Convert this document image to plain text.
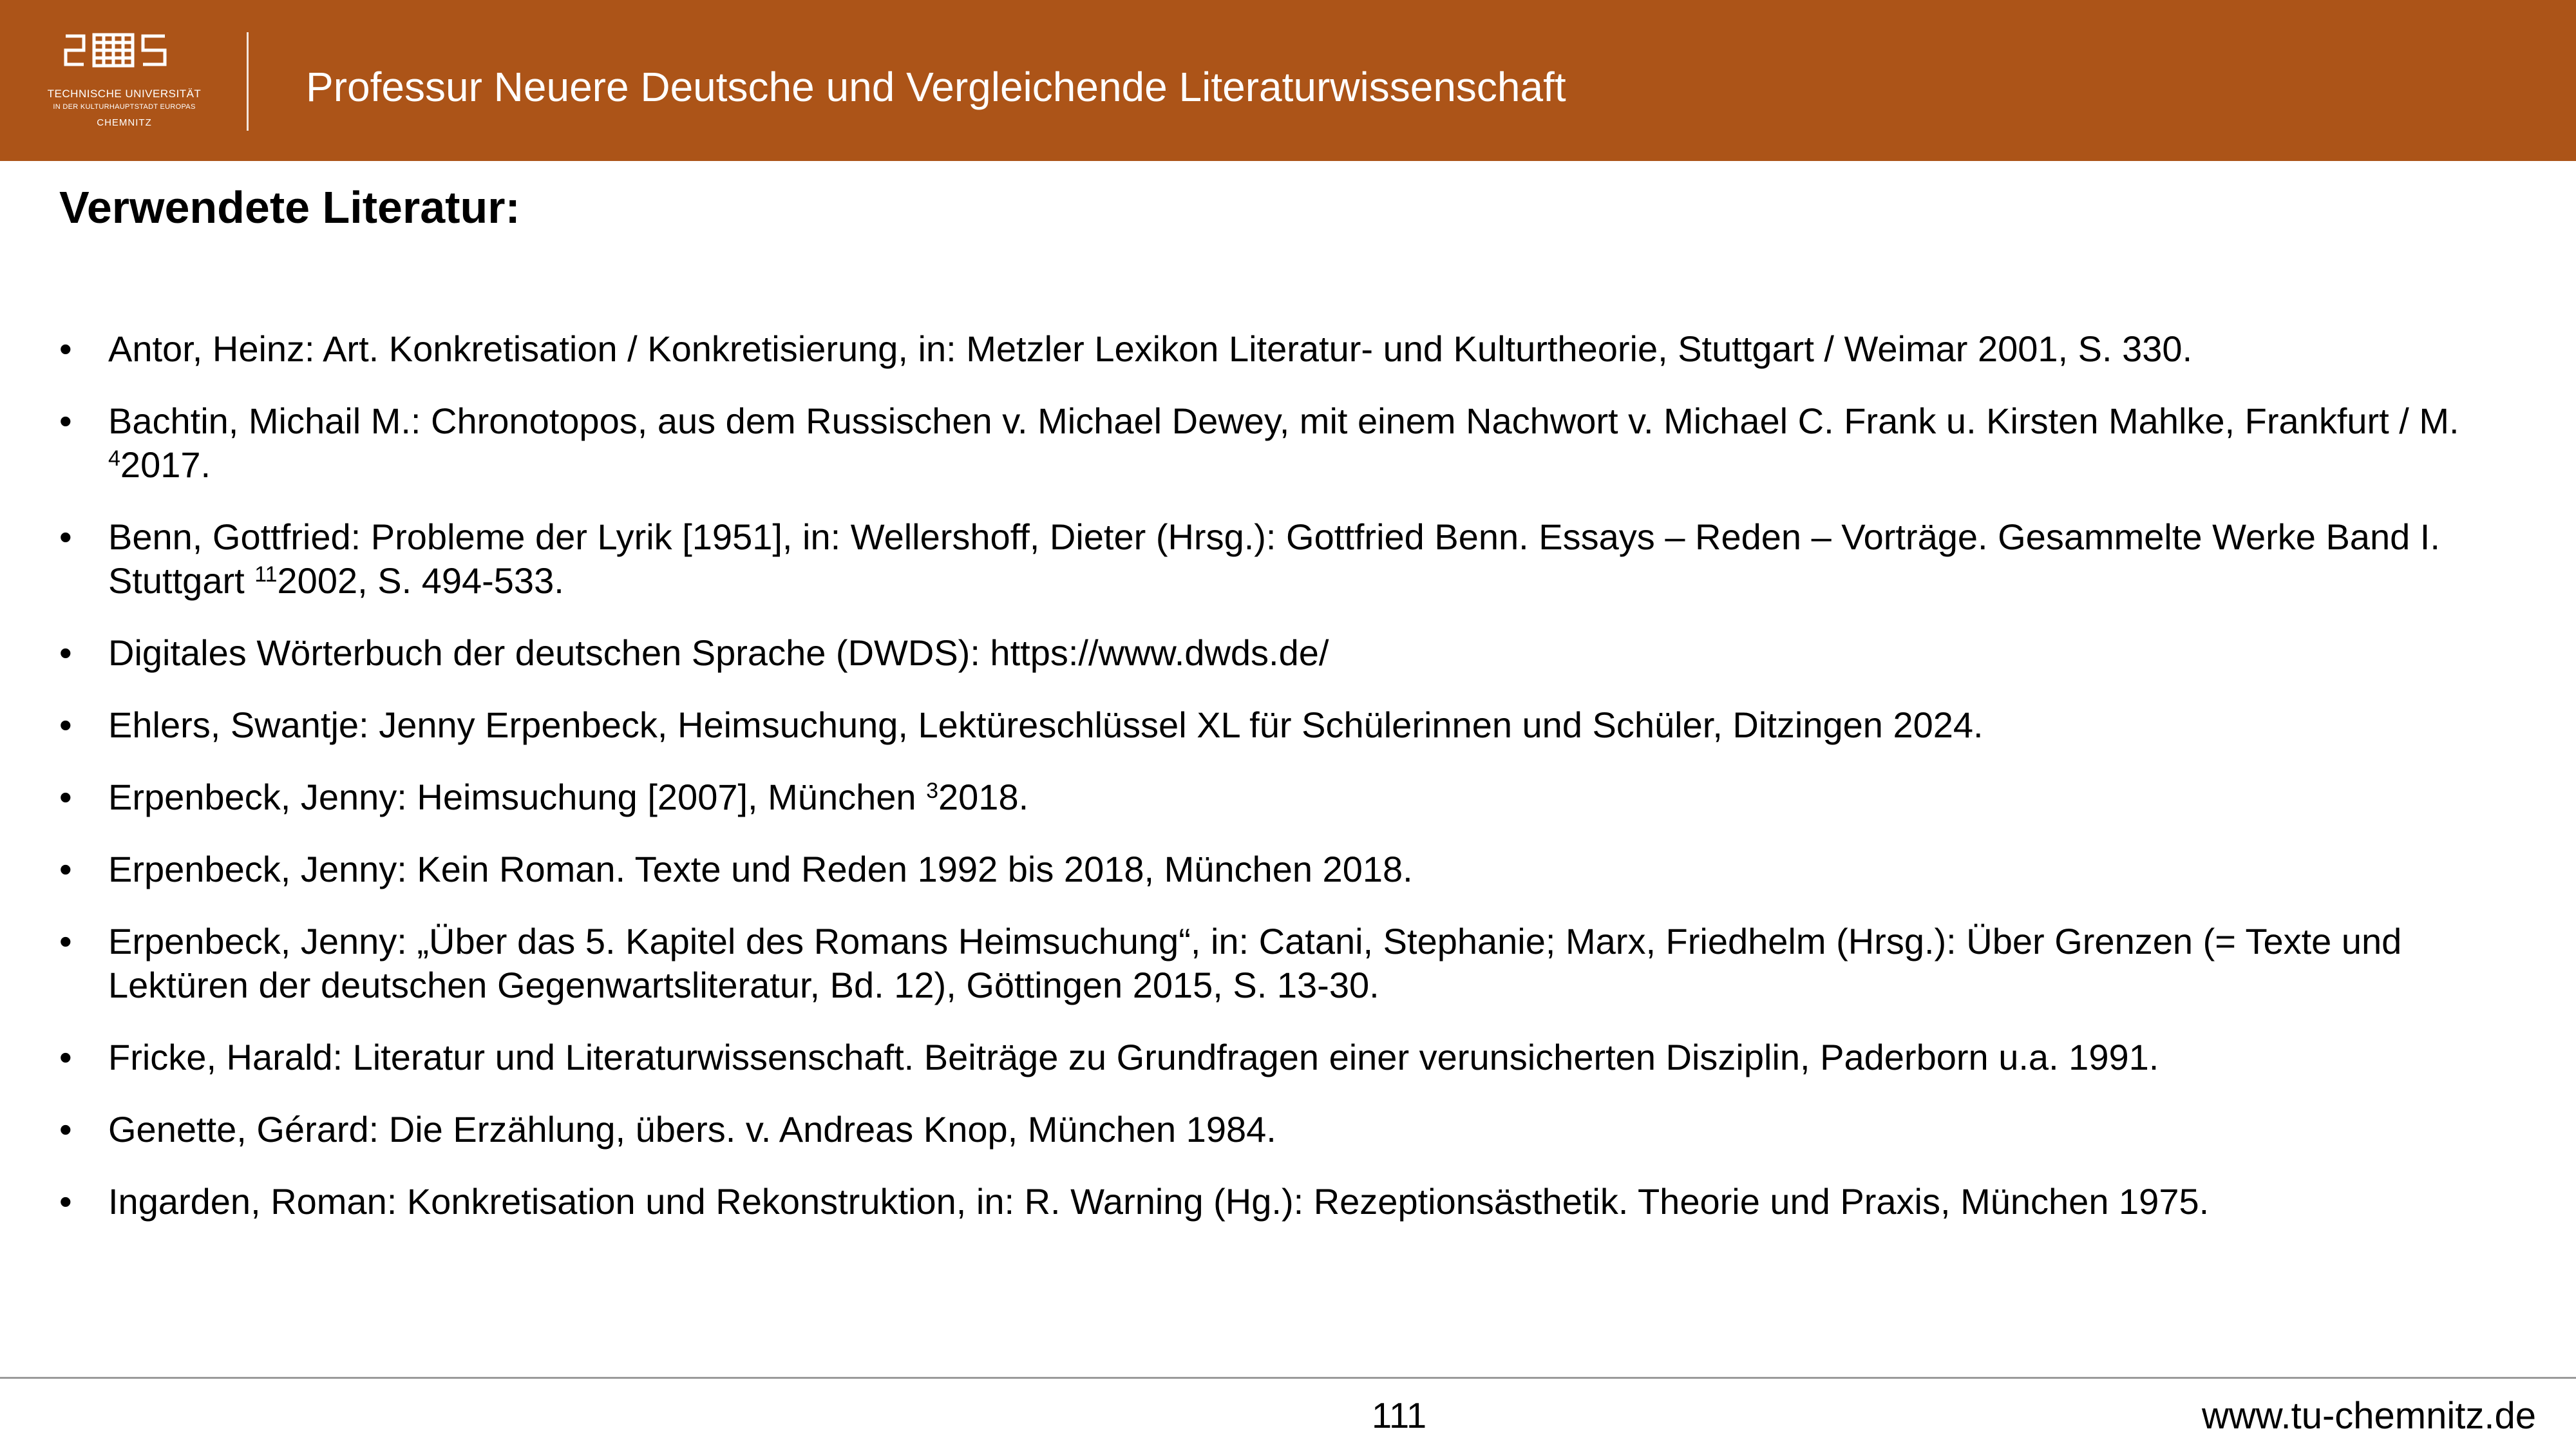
TECHNISCHE UNIVERSITÄT
IN DER KULTURHAUPTSTADT EUROPAS
CHEMNITZ
Professur Neuere Deutsche und Vergleichende Literaturwissenschaft
Verwendete Literatur:
•	Antor, Heinz: Art. Konkretisation / Konkretisierung, in: Metzler Lexikon Literatur- und Kulturtheorie, Stuttgart / Weimar 2001, S. 330.
•	Bachtin, Michail M.: Chronotopos, aus dem Russischen v. Michael Dewey, mit einem Nachwort v. Michael C. Frank u. Kirsten Mahlke, Frankfurt / M. $^4$2017.
•	Benn, Gottfried: Probleme der Lyrik [1951], in: Wellershoff, Dieter (Hrsg.): Gottfried Benn. Essays – Reden – Vorträge. Gesammelte Werke Band I. Stuttgart $^{11}$2002, S. 494-533.
•	Digitales Wörterbuch der deutschen Sprache (DWDS): https://www.dwds.de/
•	Ehlers, Swantje: Jenny Erpenbeck, Heimsuchung, Lektüreschlüssel XL für Schülerinnen und Schüler, Ditzingen 2024.
•	Erpenbeck, Jenny: Heimsuchung [2007], München $^3$2018.
•	Erpenbeck, Jenny: Kein Roman. Texte und Reden 1992 bis 2018, München 2018.
•	Erpenbeck, Jenny: „Über das 5. Kapitel des Romans Heimsuchung“, in: Catani, Stephanie; Marx, Friedhelm (Hrsg.): Über Grenzen (= Texte und Lektüren der deutschen Gegenwartsliteratur, Bd. 12), Göttingen 2015, S. 13-30.
•	Fricke, Harald: Literatur und Literaturwissenschaft. Beiträge zu Grundfragen einer verunsicherten Disziplin, Paderborn u.a. 1991.
•	Genette, Gérard: Die Erzählung, übers. v. Andreas Knop, München 1984.
•	Ingarden, Roman: Konkretisation und Rekonstruktion, in: R. Warning (Hg.): Rezeptionsästhetik. Theorie und Praxis, München 1975.
111	www.tu-chemnitz.de
